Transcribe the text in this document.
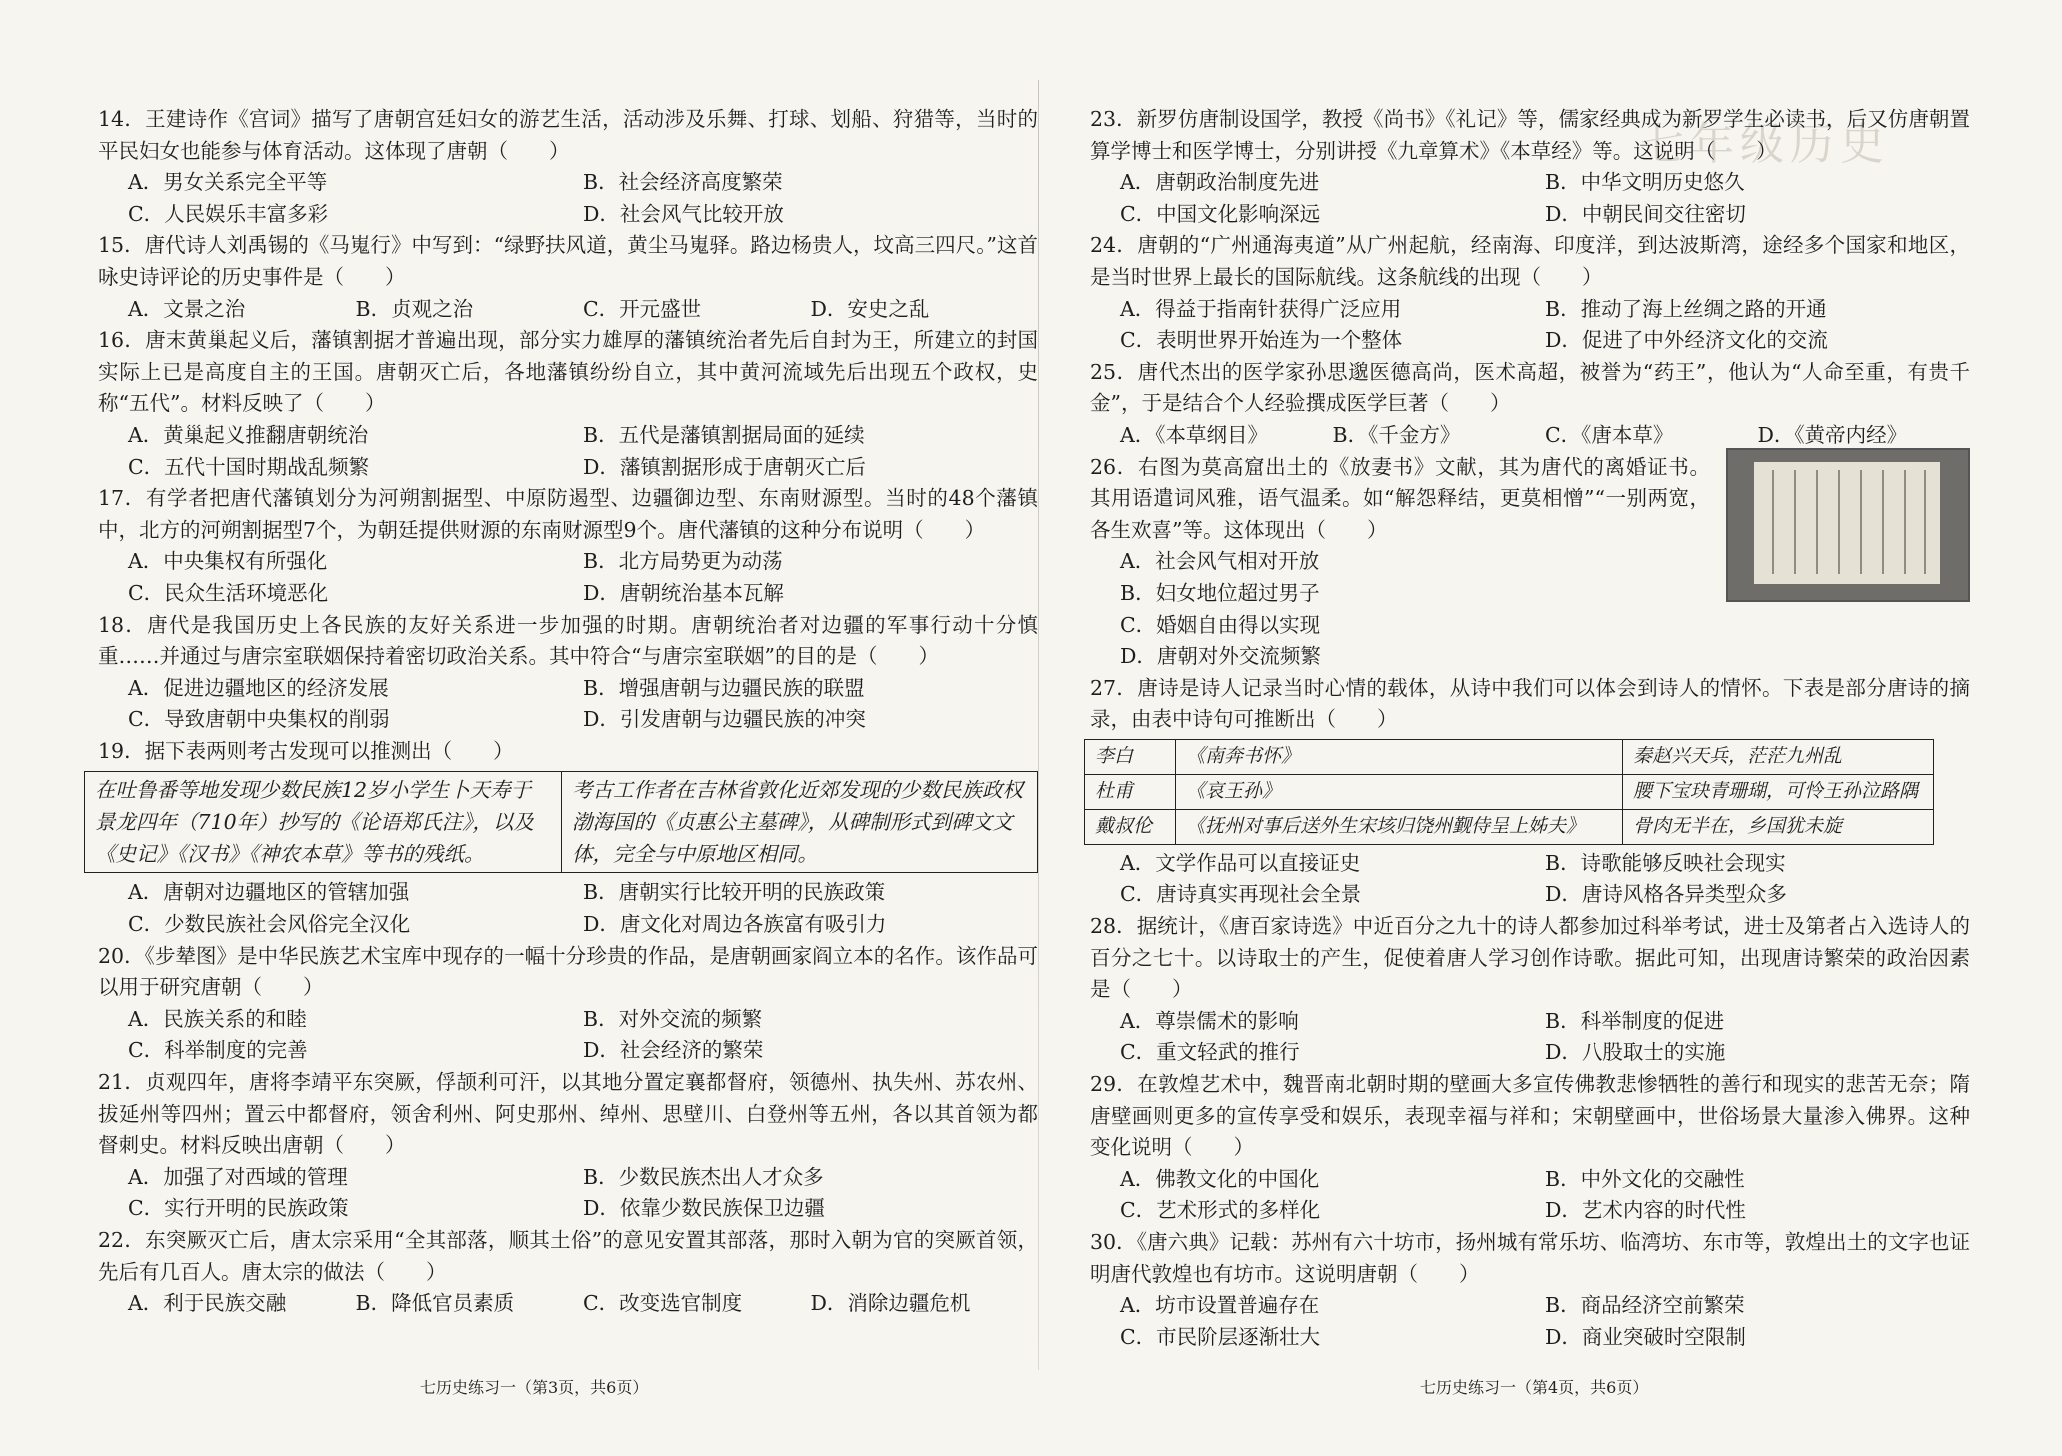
七年级历史
14．王建诗作《宫词》描写了唐朝宫廷妇女的游艺生活，活动涉及乐舞、打球、划船、狩猎等，当时的平民妇女也能参与体育活动。这体现了唐朝（　　）
A．男女关系完全平等	B．社会经济高度繁荣
C．人民娱乐丰富多彩	D．社会风气比较开放
15．唐代诗人刘禹锡的《马嵬行》中写到：“绿野扶风道，黄尘马嵬驿。路边杨贵人，坟高三四尺。”这首咏史诗评论的历史事件是（　　）
A．文景之治	B．贞观之治	C．开元盛世	D．安史之乱
16．唐末黄巢起义后，藩镇割据才普遍出现，部分实力雄厚的藩镇统治者先后自封为王，所建立的封国实际上已是高度自主的王国。唐朝灭亡后，各地藩镇纷纷自立，其中黄河流域先后出现五个政权，史称“五代”。材料反映了（　　）
A．黄巢起义推翻唐朝统治	B．五代是藩镇割据局面的延续
C．五代十国时期战乱频繁	D．藩镇割据形成于唐朝灭亡后
17．有学者把唐代藩镇划分为河朔割据型、中原防遏型、边疆御边型、东南财源型。当时的48个藩镇中，北方的河朔割据型7个，为朝廷提供财源的东南财源型9个。唐代藩镇的这种分布说明（　　）
A．中央集权有所强化	B．北方局势更为动荡
C．民众生活环境恶化	D．唐朝统治基本瓦解
18．唐代是我国历史上各民族的友好关系进一步加强的时期。唐朝统治者对边疆的军事行动十分慎重……并通过与唐宗室联姻保持着密切政治关系。其中符合“与唐宗室联姻”的目的是（　　）
A．促进边疆地区的经济发展	B．增强唐朝与边疆民族的联盟
C．导致唐朝中央集权的削弱	D．引发唐朝与边疆民族的冲突
19．据下表两则考古发现可以推测出（　　）
在吐鲁番等地发现少数民族12岁小学生卜天寿于景龙四年（710年）抄写的《论语郑氏注》，以及《史记》《汉书》《神农本草》等书的残纸。
考古工作者在吉林省敦化近郊发现的少数民族政权渤海国的《贞惠公主墓碑》，从碑制形式到碑文文体，完全与中原地区相同。
A．唐朝对边疆地区的管辖加强	B．唐朝实行比较开明的民族政策
C．少数民族社会风俗完全汉化	D．唐文化对周边各族富有吸引力
20．《步辇图》是中华民族艺术宝库中现存的一幅十分珍贵的作品，是唐朝画家阎立本的名作。该作品可以用于研究唐朝（　　）
A．民族关系的和睦	B．对外交流的频繁
C．科举制度的完善	D．社会经济的繁荣
21．贞观四年，唐将李靖平东突厥，俘颉利可汗，以其地分置定襄都督府，领德州、执失州、苏农州、拔延州等四州；置云中都督府，领舍利州、阿史那州、绰州、思壁川、白登州等五州，各以其首领为都督刺史。材料反映出唐朝（　　）
A．加强了对西域的管理	B．少数民族杰出人才众多
C．实行开明的民族政策	D．依靠少数民族保卫边疆
22．东突厥灭亡后，唐太宗采用“全其部落，顺其土俗”的意见安置其部落，那时入朝为官的突厥首领，先后有几百人。唐太宗的做法（　　）
A．利于民族交融	B．降低官员素质	C．改变选官制度	D．消除边疆危机
七历史练习一（第3页，共6页）
23．新罗仿唐制设国学，教授《尚书》《礼记》等，儒家经典成为新罗学生必读书，后又仿唐朝置算学博士和医学博士，分别讲授《九章算术》《本草经》等。这说明（　　）
A．唐朝政治制度先进	B．中华文明历史悠久
C．中国文化影响深远	D．中朝民间交往密切
24．唐朝的“广州通海夷道”从广州起航，经南海、印度洋，到达波斯湾，途经多个国家和地区，是当时世界上最长的国际航线。这条航线的出现（　　）
A．得益于指南针获得广泛应用	B．推动了海上丝绸之路的开通
C．表明世界开始连为一个整体	D．促进了中外经济文化的交流
25．唐代杰出的医学家孙思邈医德高尚，医术高超，被誉为“药王”，他认为“人命至重，有贵千金”，于是结合个人经验撰成医学巨著（　　）
A．《本草纲目》	B．《千金方》	C．《唐本草》	D．《黄帝内经》
26．右图为莫高窟出土的《放妻书》文献，其为唐代的离婚证书。其用语遣词风雅，语气温柔。如“解怨释结，更莫相憎”“一别两宽，各生欢喜”等。这体现出（　　）
A．社会风气相对开放
B．妇女地位超过男子
C．婚姻自由得以实现
D．唐朝对外交流频繁
27．唐诗是诗人记录当时心情的载体，从诗中我们可以体会到诗人的情怀。下表是部分唐诗的摘录，由表中诗句可推断出（　　）
李白	《南奔书怀》	秦赵兴天兵，茫茫九州乱
杜甫	《哀王孙》	腰下宝玦青珊瑚，可怜王孙泣路隅
戴叔伦	《抚州对事后送外生宋垓归饶州觐侍呈上姊夫》	骨肉无半在，乡国犹未旋
A．文学作品可以直接证史	B．诗歌能够反映社会现实
C．唐诗真实再现社会全景	D．唐诗风格各异类型众多
28．据统计，《唐百家诗选》中近百分之九十的诗人都参加过科举考试，进士及第者占入选诗人的百分之七十。以诗取士的产生，促使着唐人学习创作诗歌。据此可知，出现唐诗繁荣的政治因素是（　　）
A．尊崇儒术的影响	B．科举制度的促进
C．重文轻武的推行	D．八股取士的实施
29．在敦煌艺术中，魏晋南北朝时期的壁画大多宣传佛教悲惨牺牲的善行和现实的悲苦无奈；隋唐壁画则更多的宣传享受和娱乐，表现幸福与祥和；宋朝壁画中，世俗场景大量渗入佛界。这种变化说明（　　）
A．佛教文化的中国化	B．中外文化的交融性
C．艺术形式的多样化	D．艺术内容的时代性
30．《唐六典》记载：苏州有六十坊市，扬州城有常乐坊、临湾坊、东市等，敦煌出土的文字也证明唐代敦煌也有坊市。这说明唐朝（　　）
A．坊市设置普遍存在	B．商品经济空前繁荣
C．市民阶层逐渐壮大	D．商业突破时空限制
七历史练习一（第4页，共6页）
